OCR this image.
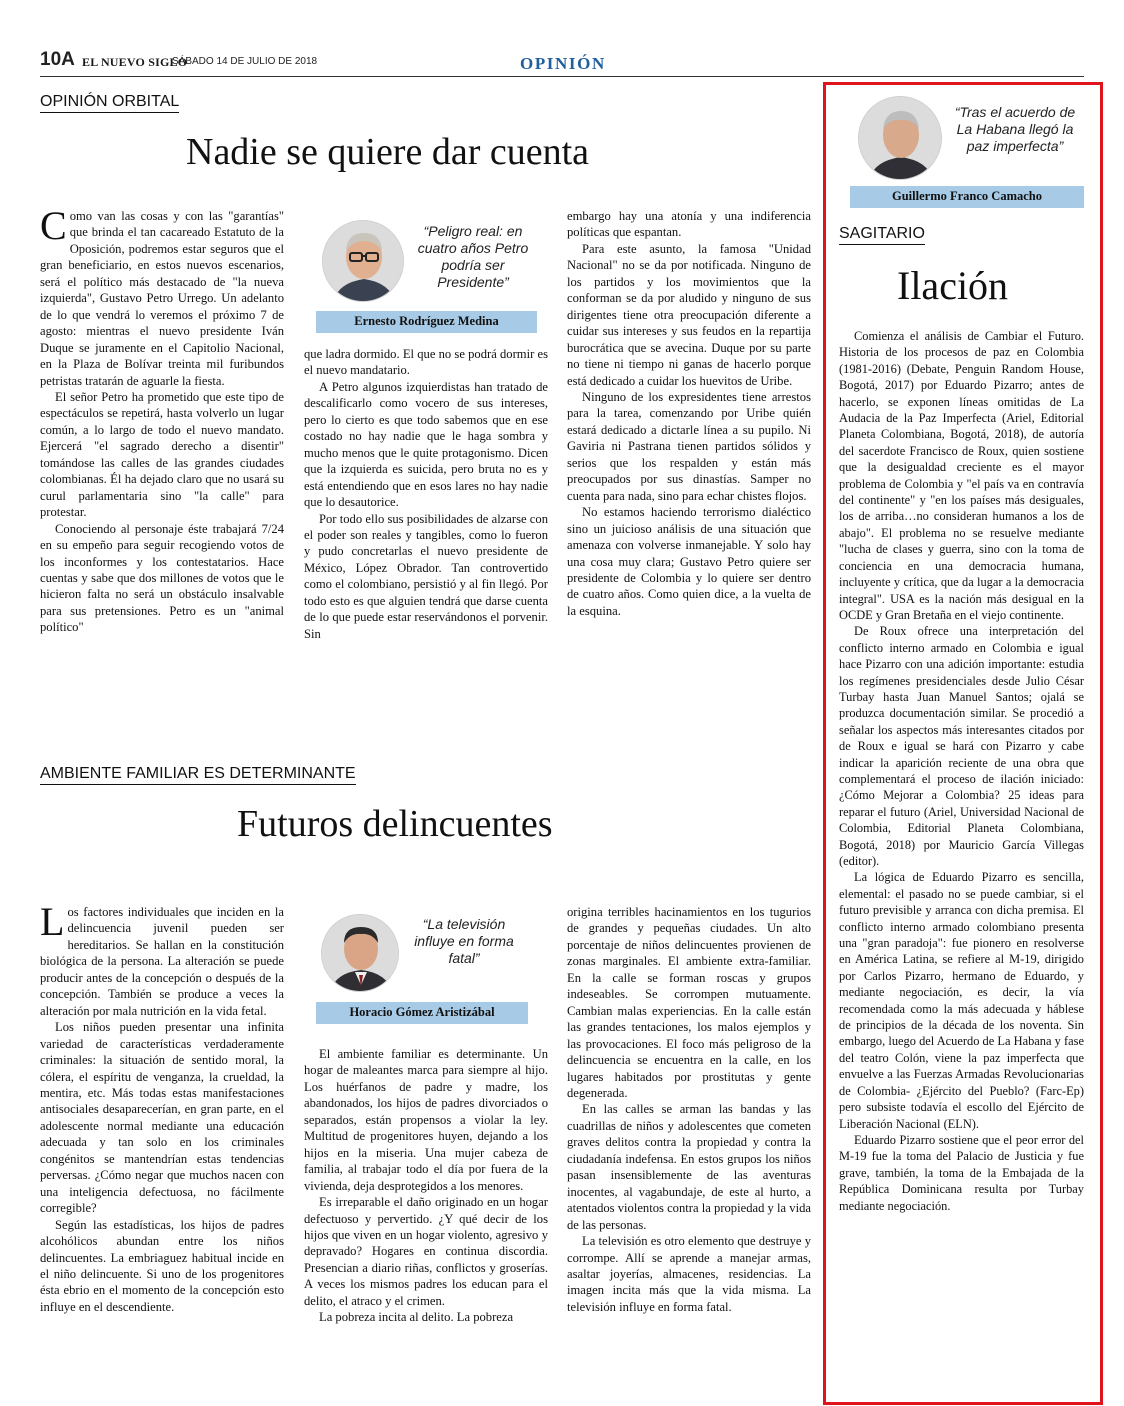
10A EL NUEVO SIGLO
SÁBADO 14 DE JULIO DE 2018	OPINIÓN
OPINIÓN ORBITAL
Nadie se quiere dar cuenta

Como van las cosas y con las "garantías" que brinda el tan cacareado Estatuto de la Oposición, podremos estar seguros que el gran beneficiario, en estos nuevos escenarios, será el político más destacado de "la nueva izquierda", Gustavo Petro Urrego. Un adelanto de lo que vendrá lo veremos el próximo 7 de agosto: mientras el nuevo presidente Iván Duque se juramente en el Capitolio Nacional, en la Plaza de Bolívar treinta mil furibundos petristas tratarán de aguarle la fiesta.

El señor Petro ha prometido que este tipo de espectáculos se repetirá, hasta volverlo un lugar común, a lo largo de todo el nuevo mandato. Ejercerá "el sagrado derecho a disentir" tomándose las calles de las grandes ciudades colombianas. Él ha dejado claro que no usará su curul parlamentaria sino "la calle" para protestar.

Conociendo al personaje éste trabajará 7/24 en su empeño para seguir recogiendo votos de los inconformes y los contestatarios. Hace cuentas y sabe que dos millones de votos que le hicieron falta no será un obstáculo insalvable para sus pretensiones. Petro es un "animal político"

“Peligro real: en cuatro años Petro podría ser Presidente”
Ernesto Rodríguez Medina

que ladra dormido. El que no se podrá dormir es el nuevo mandatario.

A Petro algunos izquierdistas han tratado de descalificarlo como vocero de sus intereses, pero lo cierto es que todo sabemos que en ese costado no hay nadie que le haga sombra y mucho menos que le quite protagonismo. Dicen que la izquierda es suicida, pero bruta no es y está entendiendo que en esos lares no hay nadie que lo desautorice.

Por todo ello sus posibilidades de alzarse con el poder son reales y tangibles, como lo fueron y pudo concretarlas el nuevo presidente de México, López Obrador. Tan controvertido como el colombiano, persistió y al fin llegó. Por todo esto es que alguien tendrá que darse cuenta de lo que puede estar reservándonos el porvenir. Sin

embargo hay una atonía y una indiferencia políticas que espantan.

Para este asunto, la famosa "Unidad Nacional" no se da por notificada. Ninguno de los partidos y los movimientos que la conforman se da por aludido y ninguno de sus dirigentes tiene otra preocupación diferente a cuidar sus intereses y sus feudos en la repartija burocrática que se avecina. Duque por su parte no tiene ni tiempo ni ganas de hacerlo porque está dedicado a cuidar los huevitos de Uribe.

Ninguno de los expresidentes tiene arrestos para la tarea, comenzando por Uribe quién estará dedicado a dictarle línea a su pupilo. Ni Gaviria ni Pastrana tienen partidos sólidos y serios que los respalden y están más preocupados por sus dinastías. Samper no cuenta para nada, sino para echar chistes flojos.

No estamos haciendo terrorismo dialéctico sino un juicioso análisis de una situación que amenaza con volverse inmanejable. Y solo hay una cosa muy clara; Gustavo Petro quiere ser presidente de Colombia y lo quiere ser dentro de cuatro años. Como quien dice, a la vuelta de la esquina.

AMBIENTE FAMILIAR ES DETERMINANTE
Futuros delincuentes

Los factores individuales que inciden en la delincuencia juvenil pueden ser hereditarios. Se hallan en la constitución biológica de la persona. La alteración se puede producir antes de la concepción o después de la concepción. También se produce a veces la alteración por mala nutrición en la vida fetal.

Los niños pueden presentar una infinita variedad de características verdaderamente criminales: la situación de sentido moral, la cólera, el espíritu de venganza, la crueldad, la mentira, etc. Más todas estas manifestaciones antisociales desaparecerían, en gran parte, en el adolescente normal mediante una educación adecuada y tan solo en los criminales congénitos se mantendrían estas tendencias perversas. ¿Cómo negar que muchos nacen con una inteligencia defectuosa, no fácilmente corregible?

Según las estadísticas, los hijos de padres alcohólicos abundan entre los niños delincuentes. La embriaguez habitual incide en el niño delincuente. Si uno de los progenitores ésta ebrio en el momento de la concepción esto influye en el descendiente.

“La televisión influye en forma fatal”
Horacio Gómez Aristizábal

El ambiente familiar es determinante. Un hogar de maleantes marca para siempre al hijo. Los huérfanos de padre y madre, los abandonados, los hijos de padres divorciados o separados, están propensos a violar la ley. Multitud de progenitores huyen, dejando a los hijos en la miseria. Una mujer cabeza de familia, al trabajar todo el día por fuera de la vivienda, deja desprotegidos a los menores.

Es irreparable el daño originado en un hogar defectuoso y pervertido. ¿Y qué decir de los hijos que viven en un hogar violento, agresivo y depravado? Hogares en continua discordia. Presencian a diario riñas, conflictos y groserías. A veces los mismos padres los educan para el delito, el atraco y el crimen.

La pobreza incita al delito. La pobreza

origina terribles hacinamientos en los tugurios de grandes y pequeñas ciudades. Un alto porcentaje de niños delincuentes provienen de zonas marginales. El ambiente extra-familiar. En la calle se forman roscas y grupos indeseables. Se corrompen mutuamente. Cambian malas experiencias. En la calle están las grandes tentaciones, los malos ejemplos y las provocaciones. El foco más peligroso de la delincuencia se encuentra en la calle, en los lugares habitados por prostitutas y gente degenerada.

En las calles se arman las bandas y las cuadrillas de niños y adolescentes que cometen graves delitos contra la propiedad y contra la ciudadanía indefensa. En estos grupos los niños pasan insensiblemente de las aventuras inocentes, al vagabundaje, de este al hurto, a atentados violentos contra la propiedad y la vida de las personas.

La televisión es otro elemento que destruye y corrompe. Allí se aprende a manejar armas, asaltar joyerías, almacenes, residencias. La imagen incita más que la vida misma. La televisión influye en forma fatal.

“Tras el acuerdo de La Habana llegó la paz imperfecta”
Guillermo Franco Camacho
SAGITARIO
Ilación

Comienza el análisis de Cambiar el Futuro. Historia de los procesos de paz en Colombia (1981-2016) (Debate, Penguin Random House, Bogotá, 2017) por Eduardo Pizarro; antes de hacerlo, se exponen líneas omitidas de La Audacia de la Paz Imperfecta (Ariel, Editorial Planeta Colombiana, Bogotá, 2018), de autoría del sacerdote Francisco de Roux, quien sostiene que la desigualdad creciente es el mayor problema de Colombia y "el país va en contravía del continente" y "en los países más desiguales, los de arriba…no consideran humanos a los de abajo". El problema no se resuelve mediante "lucha de clases y guerra, sino con la toma de conciencia en una democracia humana, incluyente y crítica, que da lugar a la democracia integral". USA es la nación más desigual en la OCDE y Gran Bretaña en el viejo continente.

De Roux ofrece una interpretación del conflicto interno armado en Colombia e igual hace Pizarro con una adición importante: estudia los regímenes presidenciales desde Julio César Turbay hasta Juan Manuel Santos; ojalá se produzca documentación similar. Se procedió a señalar los aspectos más interesantes citados por de Roux e igual se hará con Pizarro y cabe indicar la aparición reciente de una obra que complementará el proceso de ilación iniciado: ¿Cómo Mejorar a Colombia? 25 ideas para reparar el futuro (Ariel, Universidad Nacional de Colombia, Editorial Planeta Colombiana, Bogotá, 2018) por Mauricio García Villegas (editor).

La lógica de Eduardo Pizarro es sencilla, elemental: el pasado no se puede cambiar, si el futuro previsible y arranca con dicha premisa. El conflicto interno armado colombiano presenta una "gran paradoja": fue pionero en resolverse en América Latina, se refiere al M-19, dirigido por Carlos Pizarro, hermano de Eduardo, y mediante negociación, es decir, la vía recomendada como la más adecuada y háblese de principios de la década de los noventa. Sin embargo, luego del Acuerdo de La Habana y fase del teatro Colón, viene la paz imperfecta que envuelve a las Fuerzas Armadas Revolucionarias de Colombia- ¿Ejército del Pueblo? (Farc-Ep) pero subsiste todavía el escollo del Ejército de Liberación Nacional (ELN).

Eduardo Pizarro sostiene que el peor error del M-19 fue la toma del Palacio de Justicia y fue grave, también, la toma de la Embajada de la República Dominicana resulta por Turbay mediante negociación.
